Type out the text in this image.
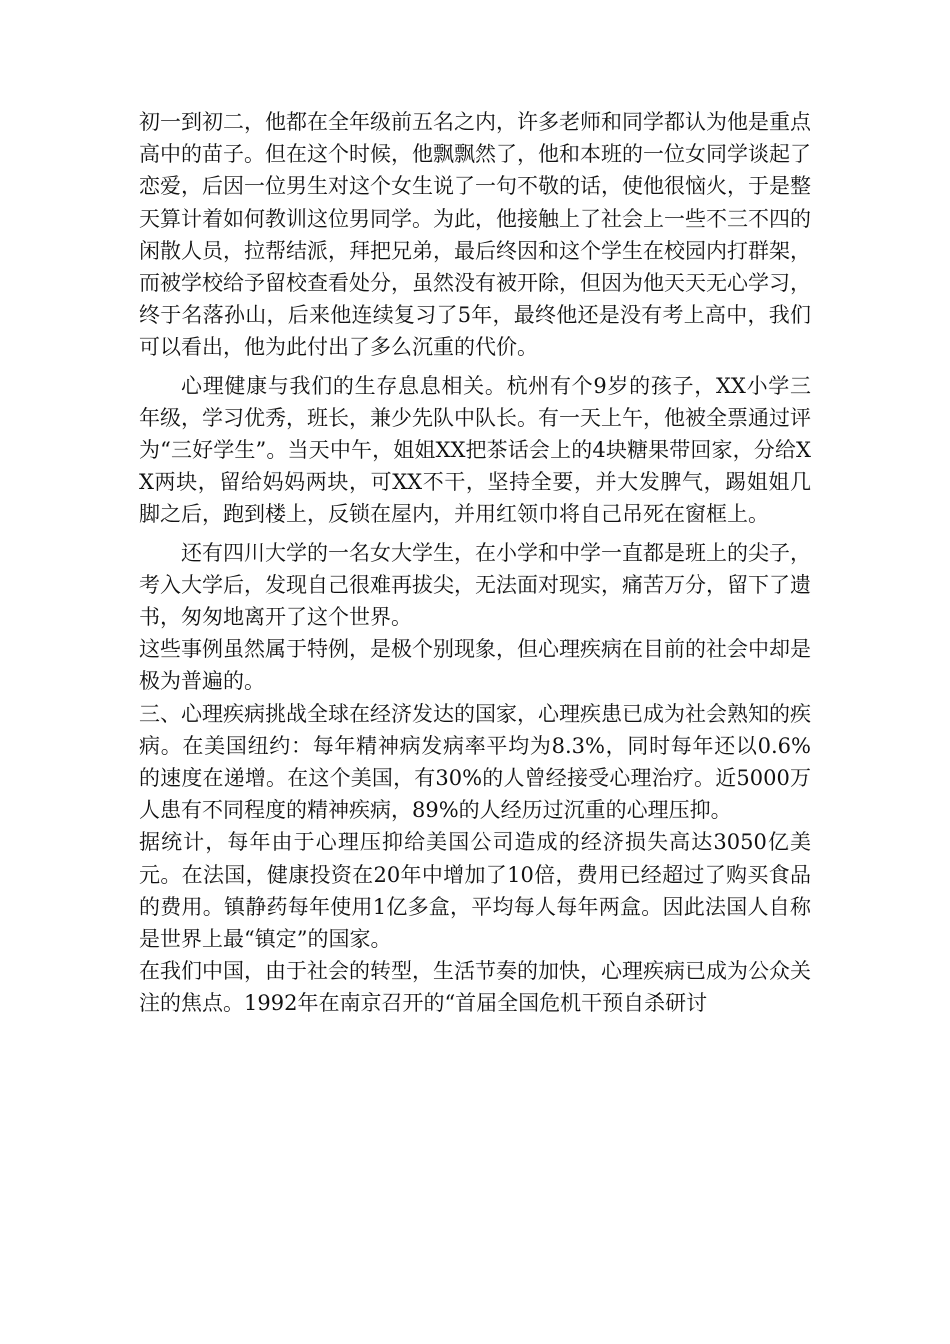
初一到初二，他都在全年级前五名之内，许多老师和同学都认为他是重点高中的苗子。但在这个时候，他飘飘然了，他和本班的一位女同学谈起了恋爱，后因一位男生对这个女生说了一句不敬的话，使他很恼火，于是整天算计着如何教训这位男同学。为此，他接触上了社会上一些不三不四的闲散人员，拉帮结派，拜把兄弟，最后终因和这个学生在校园内打群架，而被学校给予留校查看处分，虽然没有被开除，但因为他天天无心学习，终于名落孙山，后来他连续复习了5年，最终他还是没有考上高中，我们可以看出，他为此付出了多么沉重的代价。

心理健康与我们的生存息息相关。杭州有个9岁的孩子，XX小学三年级，学习优秀，班长，兼少先队中队长。有一天上午，他被全票通过评为“三好学生”。当天中午，姐姐XX把茶话会上的4块糖果带回家，分给XX两块，留给妈妈两块，可XX不干，坚持全要，并大发脾气，踢姐姐几脚之后，跑到楼上，反锁在屋内，并用红领巾将自己吊死在窗框上。

还有四川大学的一名女大学生，在小学和中学一直都是班上的尖子，考入大学后，发现自己很难再拔尖，无法面对现实，痛苦万分，留下了遗书，匆匆地离开了这个世界。

这些事例虽然属于特例，是极个别现象，但心理疾病在目前的社会中却是极为普遍的。

三、心理疾病挑战全球在经济发达的国家，心理疾患已成为社会熟知的疾病。在美国纽约：每年精神病发病率平均为8.3%，同时每年还以0.6%的速度在递增。在这个美国，有30%的人曾经接受心理治疗。近5000万人患有不同程度的精神疾病，89%的人经历过沉重的心理压抑。

据统计，每年由于心理压抑给美国公司造成的经济损失高达3050亿美元。在法国，健康投资在20年中增加了10倍，费用已经超过了购买食品的费用。镇静药每年使用1亿多盒，平均每人每年两盒。因此法国人自称是世界上最“镇定”的国家。

在我们中国，由于社会的转型，生活节奏的加快，心理疾病已成为公众关注的焦点。1992年在南京召开的“首届全国危机干预自杀研讨
